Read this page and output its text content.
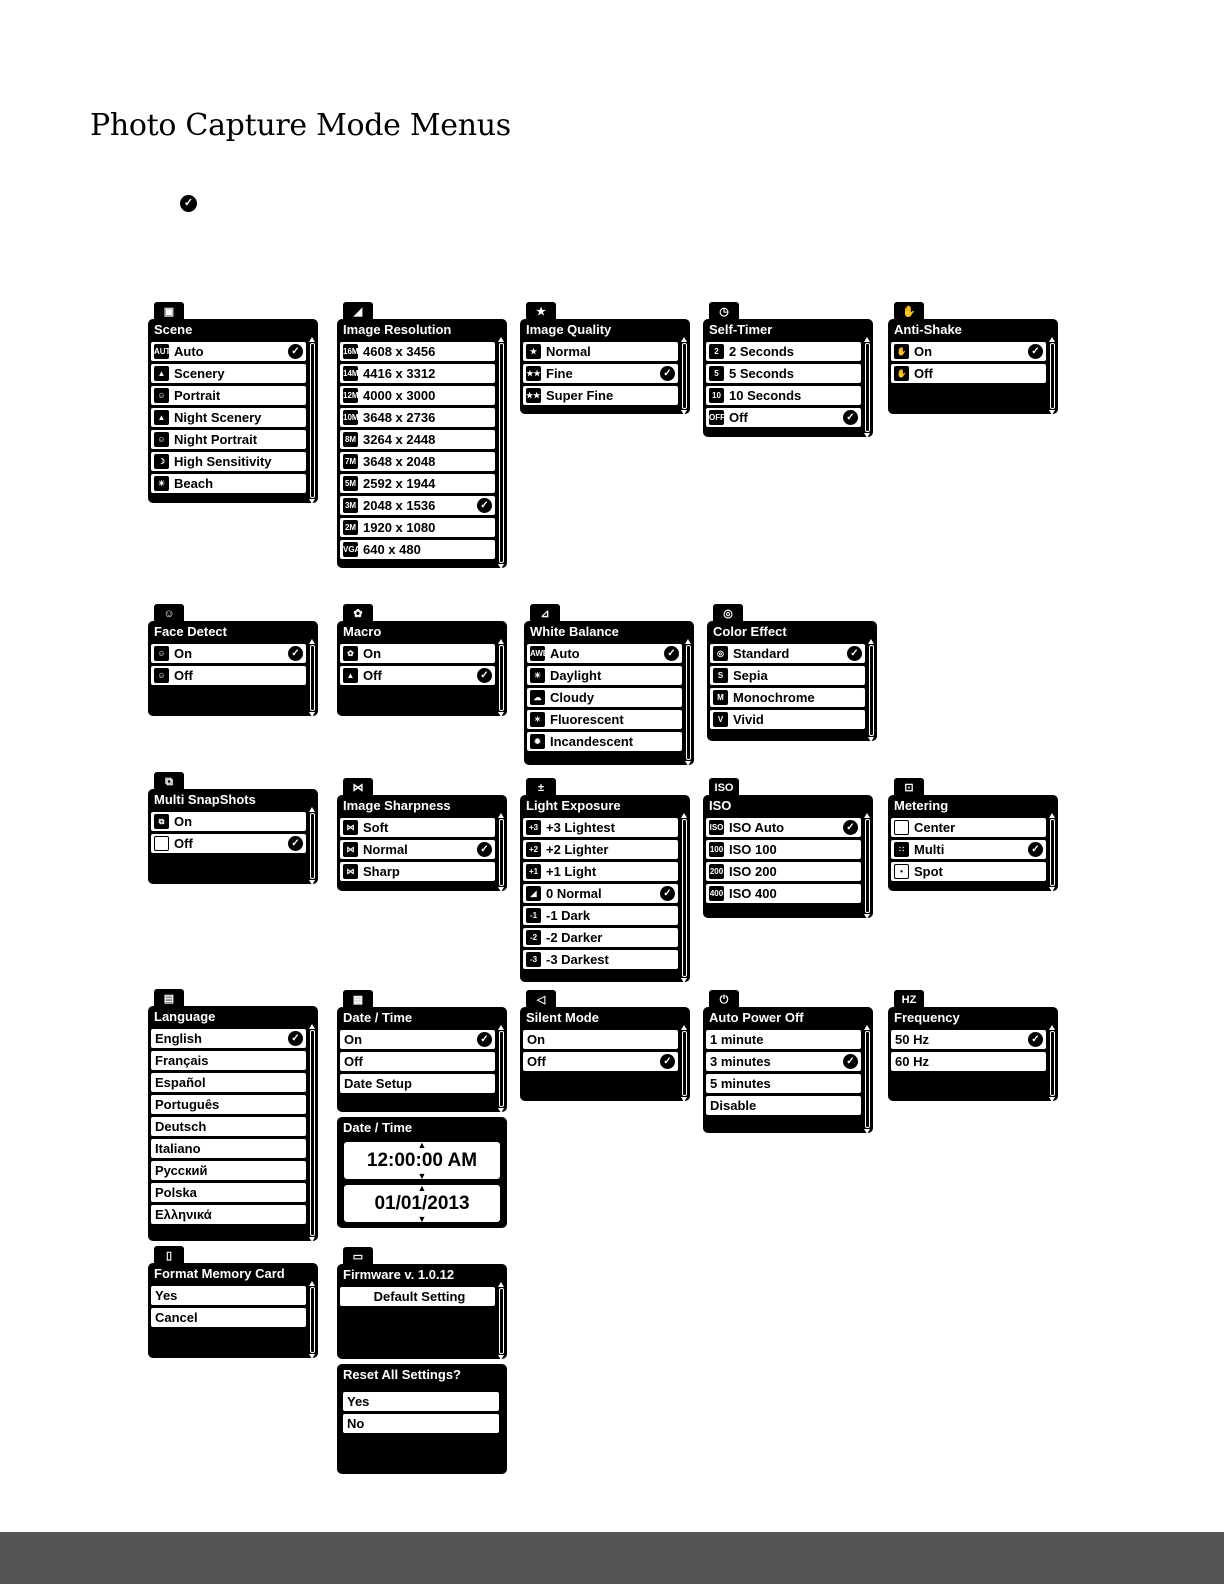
Photo Capture Mode Menus
✓
▣
Scene
AUTO
Auto	✓
▲ Scenery
☺ Portrait
▲ Night Scenery
☺ Night Portrait
☽ High Sensitivity
☀ Beach
◢
Image Resolution
16M 4608 x 3456
14M 4416 x 3312
12M 4000 x 3000
10M 3648 x 2736
8M 3264 x 2448
7M 3648 x 2048
5M 2592 x 1944
3M 2048 x 1536	✓
2M 1920 x 1080
VGA 640 x 480
★
Image Quality
★ Normal
★★ Fine	✓
★★★
Super Fine
◷
Self-Timer
2 2 Seconds
5 5 Seconds
10 10 Seconds
OFF Off	✓
✋
Anti-Shake
✋ On	✓
✋ Off
☺
Face Detect
☺ On	✓
☺ Off
✿
Macro
✿ On
▲ Off	✓
⊿
White Balance
AWB Auto	✓
☀ Daylight
☁ Cloudy
✶ Fluorescent
✹ Incandescent
◎
Color Effect
◎ Standard	✓
S Sepia
M Monochrome
V Vivid
⧉
Multi SnapShots
⧉ On
Off	✓
⋈
Image Sharpness
⋈ Soft
⋈ Normal	✓
⋈ Sharp
±
Light Exposure
+3 +3 Lightest
+2 +2 Lighter
+1 +1 Light
◢ 0 Normal	✓
-1 -1 Dark
-2 -2 Darker
-3 -3 Darkest
ISO
ISO
ISO ISO Auto	✓
100 ISO 100
200 ISO 200
400 ISO 400
⊡
Metering
Center
∷ Multi	✓
• Spot
▤
Language
English	✓
Français
Español
Português
Deutsch
Italiano
Русский
Polska
Ελληνικά
▦
Date / Time
On	✓
Off
Date Setup
Date / Time
▲ 12:00:00 AM ▼
▲ 01/01/2013 ▼
◁
Silent Mode
On
Off	✓
⏻
Auto Power Off
1 minute
3 minutes	✓
5 minutes
Disable
HZ
Frequency
50 Hz	✓
60 Hz
▯
Format Memory Card
Yes
Cancel
▭
Firmware v. 1.0.12
Default Setting
Reset All Settings?
Yes
No
